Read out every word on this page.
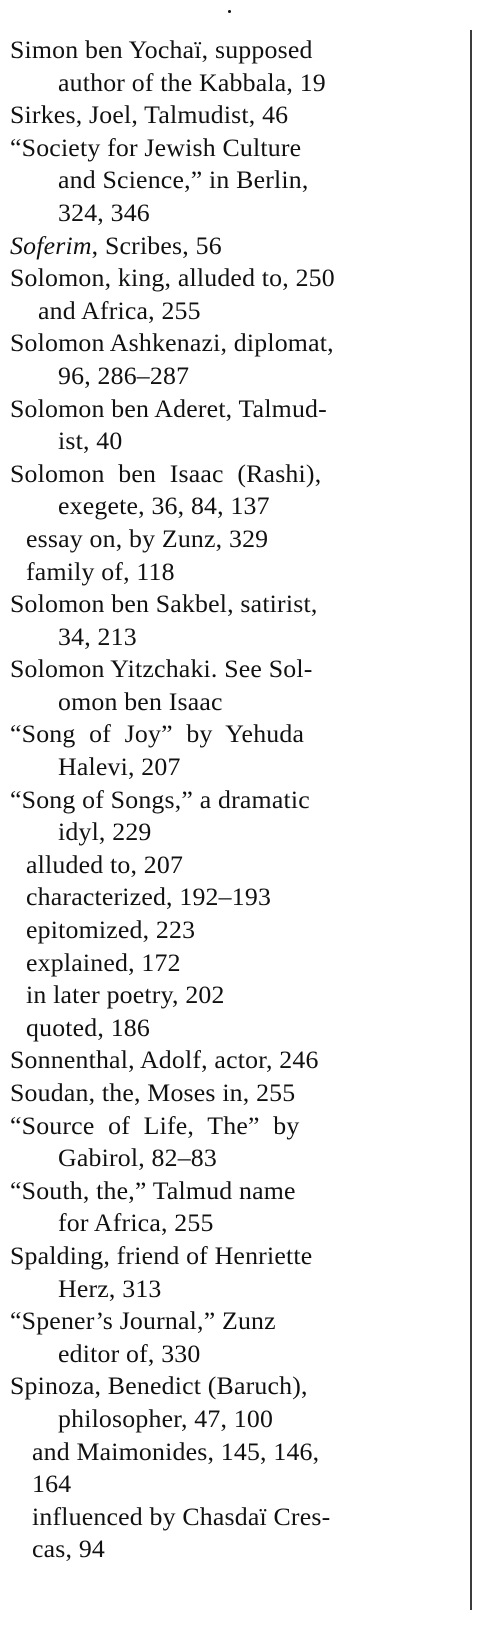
Simon ben Yochaï, supposed
author of the Kabbala, 19
Sirkes, Joel, Talmudist, 46
“Society for Jewish Culture
and Science,” in Berlin,
324, 346
Soferim, Scribes, 56
Solomon, king, alluded to, 250
and Africa, 255
Solomon Ashkenazi, diplomat,
96, 286–287
Solomon ben Aderet, Talmud-
ist, 40
Solomon ben Isaac (Rashi),
exegete, 36, 84, 137
essay on, by Zunz, 329
family of, 118
Solomon ben Sakbel, satirist,
34, 213
Solomon Yitzchaki. See Sol-
omon ben Isaac
“Song of Joy” by Yehuda
Halevi, 207
“Song of Songs,” a dramatic
idyl, 229
alluded to, 207
characterized, 192–193
epitomized, 223
explained, 172
in later poetry, 202
quoted, 186
Sonnenthal, Adolf, actor, 246
Soudan, the, Moses in, 255
“Source of Life, The” by
Gabirol, 82–83
“South, the,” Talmud name
for Africa, 255
Spalding, friend of Henriette
Herz, 313
“Spener’s Journal,” Zunz
editor of, 330
Spinoza, Benedict (Baruch),
philosopher, 47, 100
and Maimonides, 145, 146,
164
influenced by Chasdaï Cres-
cas, 94
